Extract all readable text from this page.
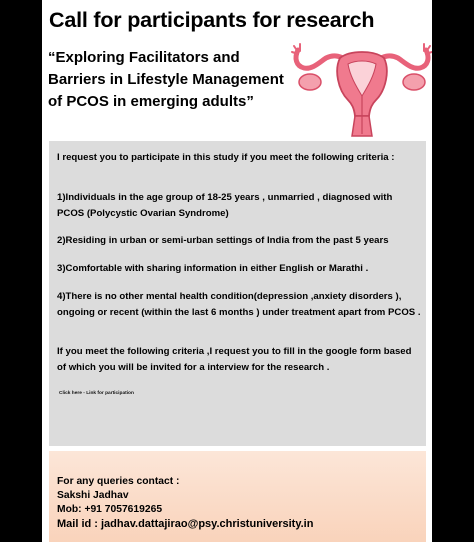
Call for participants for research
“Exploring Facilitators and
Barriers in Lifestyle Management
of PCOS in emerging adults”

I request you to participate in this study if you meet the following criteria :

1)Individuals in the age group of 18-25 years , unmarried , diagnosed with PCOS (Polycystic Ovarian Syndrome)

2)Residing in urban or semi-urban settings of India from the past 5 years

3)Comfortable with sharing information in either English or Marathi .

4)There is no other mental health condition(depression ,anxiety disorders ), ongoing or recent (within the last 6 months ) under treatment apart from PCOS .

If you meet the following criteria ,I request you to fill in the google form based of which you will be invited for a interview for the research .

Click here - Link for participation

For any queries contact :
Sakshi Jadhav
Mob: +91 7057619265
Mail id : jadhav.dattajirao@psy.christuniversity.in
